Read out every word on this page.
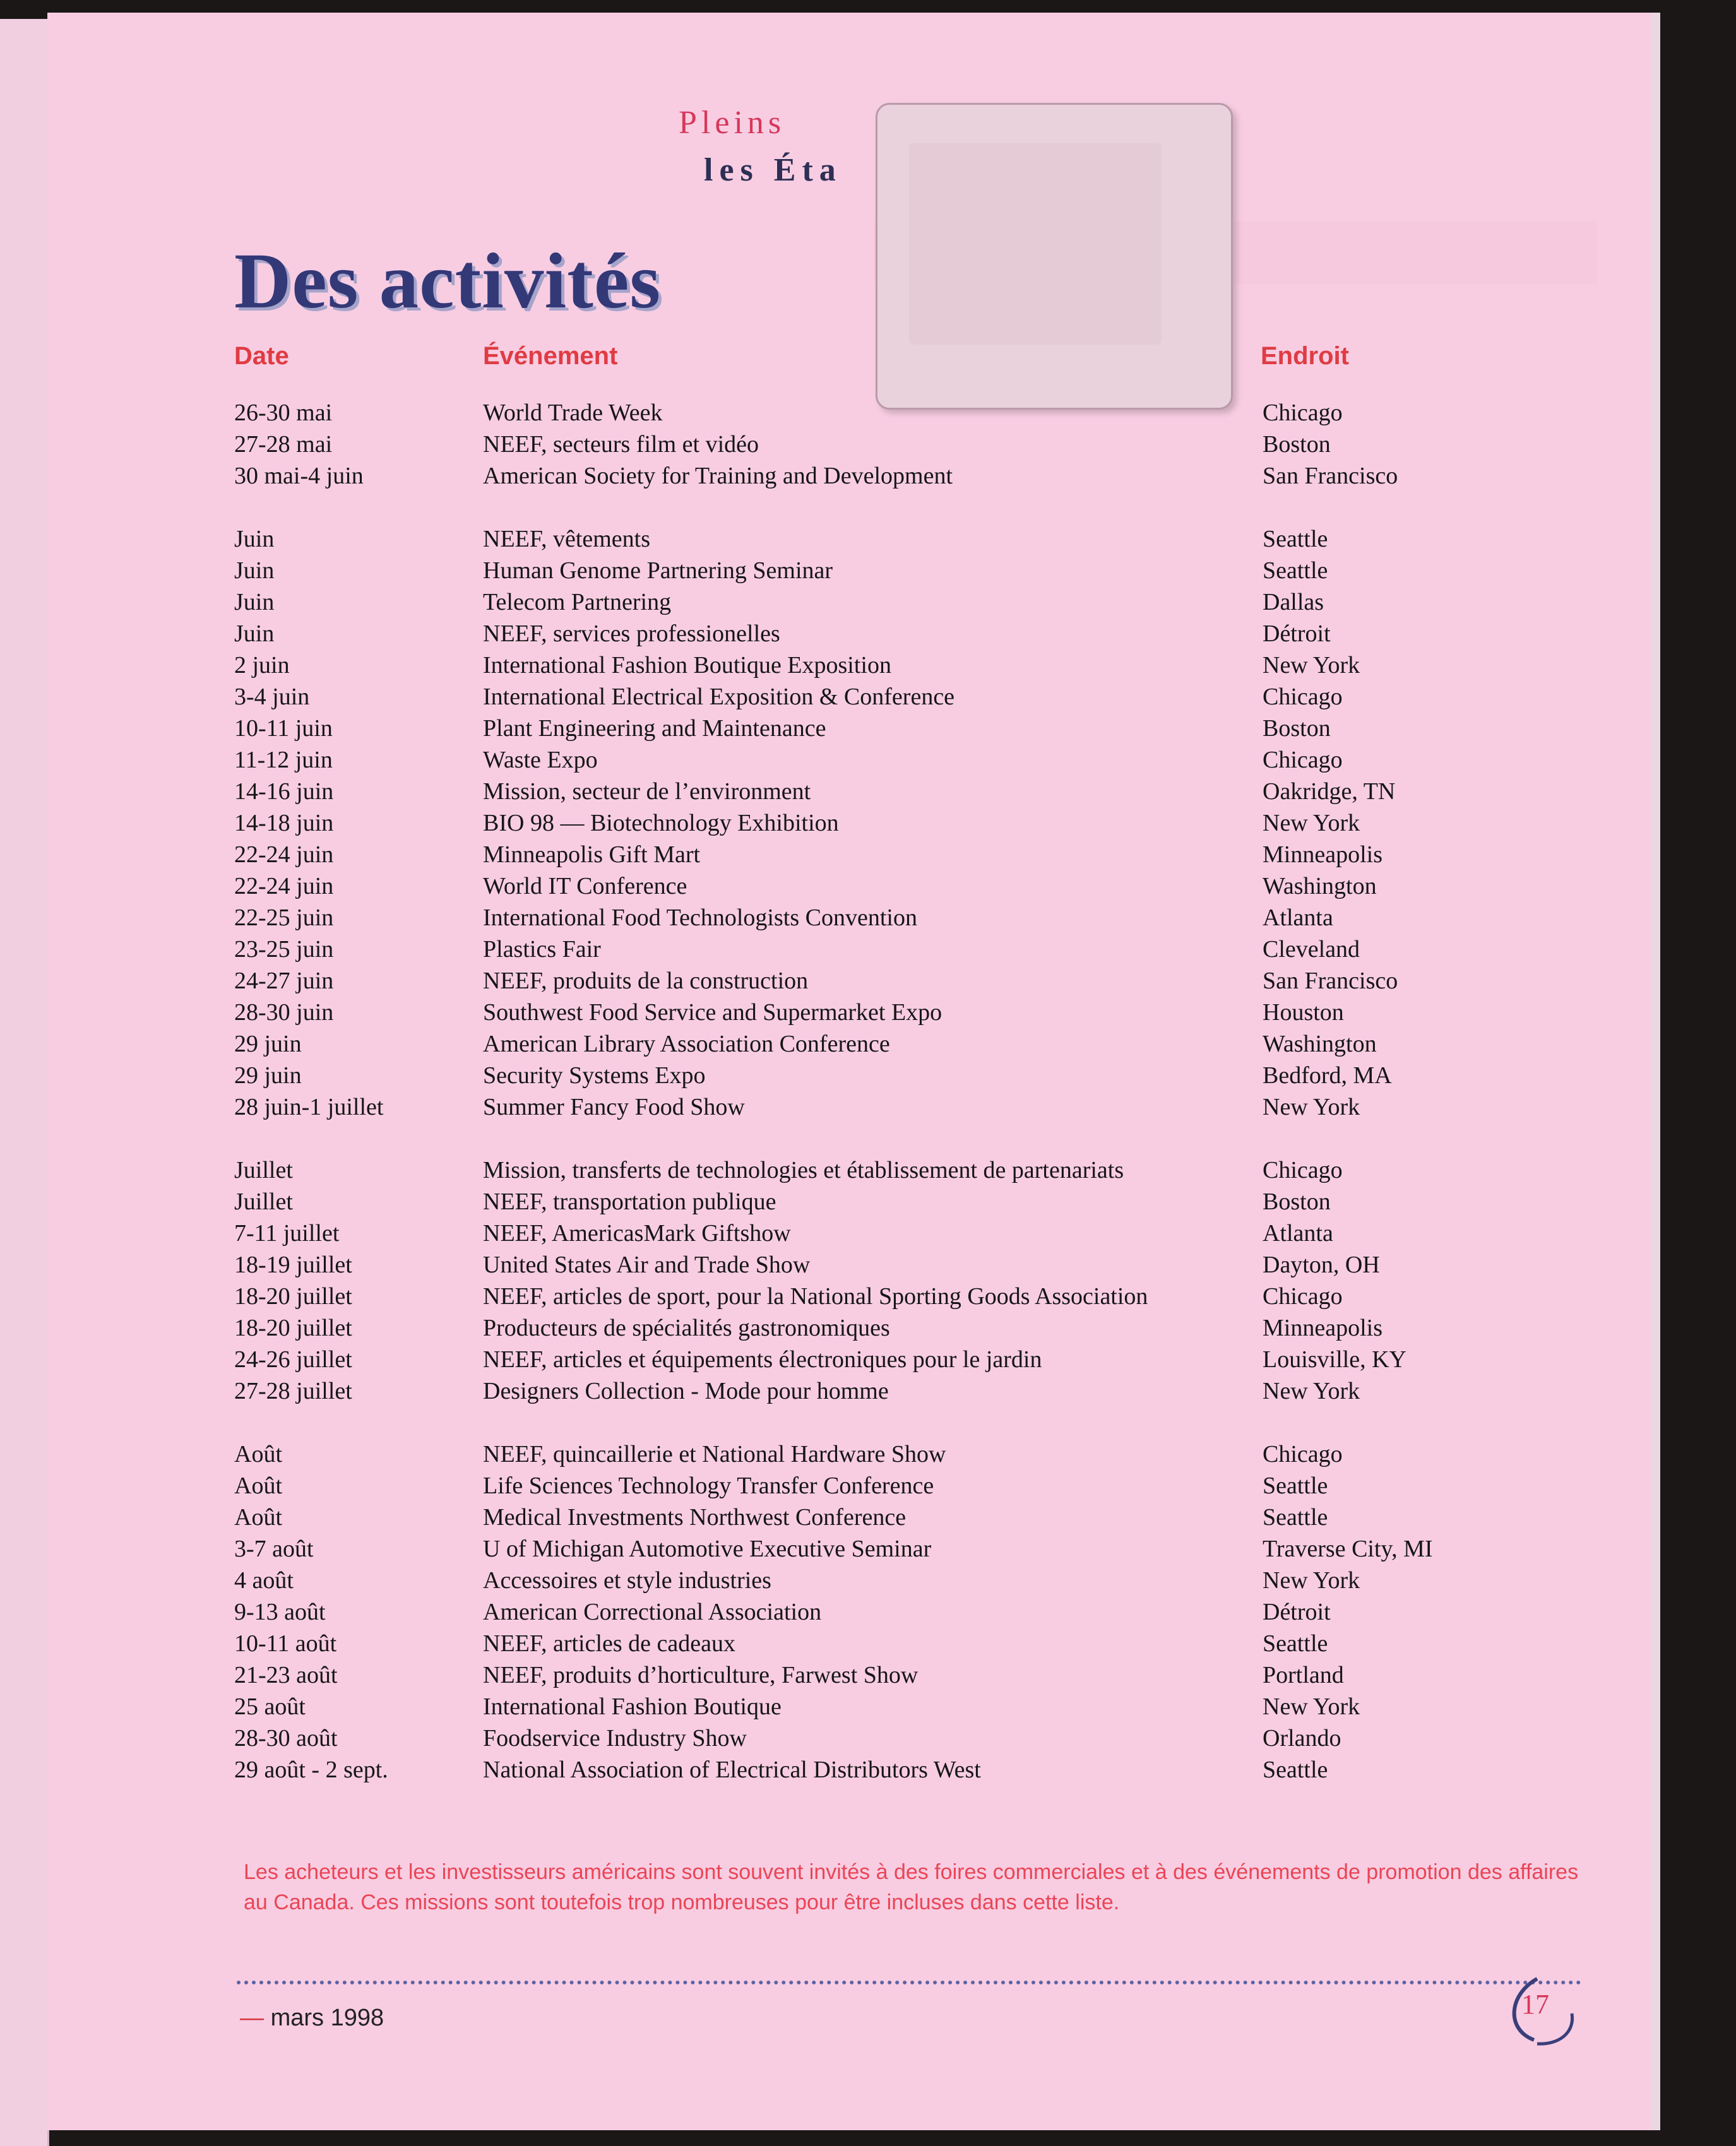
Pleins
les Éta
Des activités
Date	Événement	Endroit
26-30 mai	World Trade Week	Chicago
27-28 mai	NEEF, secteurs film et vidéo	Boston
30 mai-4 juin	American Society for Training and Development	San Francisco
Juin	NEEF, vêtements	Seattle
Juin	Human Genome Partnering Seminar	Seattle
Juin	Telecom Partnering	Dallas
Juin	NEEF, services professionelles	Détroit
2 juin	International Fashion Boutique Exposition	New York
3-4 juin	International Electrical Exposition & Conference	Chicago
10-11 juin	Plant Engineering and Maintenance	Boston
11-12 juin	Waste Expo	Chicago
14-16 juin	Mission, secteur de l’environment	Oakridge, TN
14-18 juin	BIO 98 — Biotechnology Exhibition	New York
22-24 juin	Minneapolis Gift Mart	Minneapolis
22-24 juin	World IT Conference	Washington
22-25 juin	International Food Technologists Convention	Atlanta
23-25 juin	Plastics Fair	Cleveland
24-27 juin	NEEF, produits de la construction	San Francisco
28-30 juin	Southwest Food Service and Supermarket Expo	Houston
29 juin	American Library Association Conference	Washington
29 juin	Security Systems Expo	Bedford, MA
28 juin-1 juillet	Summer Fancy Food Show	New York
Juillet	Mission, transferts de technologies et établissement de partenariats	Chicago
Juillet	NEEF, transportation publique	Boston
7-11 juillet	NEEF, AmericasMark Giftshow	Atlanta
18-19 juillet	United States Air and Trade Show	Dayton, OH
18-20 juillet	NEEF, articles de sport, pour la National Sporting Goods Association	Chicago
18-20 juillet	Producteurs de spécialités gastronomiques	Minneapolis
24-26 juillet	NEEF, articles et équipements électroniques pour le jardin	Louisville, KY
27-28 juillet	Designers Collection - Mode pour homme	New York
Août	NEEF, quincaillerie et National Hardware Show	Chicago
Août	Life Sciences Technology Transfer Conference	Seattle
Août	Medical Investments Northwest Conference	Seattle
3-7 août	U of Michigan Automotive Executive Seminar	Traverse City, MI
4 août	Accessoires et style industries	New York
9-13 août	American Correctional Association	Détroit
10-11 août	NEEF, articles de cadeaux	Seattle
21-23 août	NEEF, produits d’horticulture, Farwest Show	Portland
25 août	International Fashion Boutique	New York
28-30 août	Foodservice Industry Show	Orlando
29 août - 2 sept.	National Association of Electrical Distributors West	Seattle
Les acheteurs et les investisseurs américains sont souvent invités à des foires commerciales et à des événements de promotion des affaires au Canada. Ces missions sont toutefois trop nombreuses pour être incluses dans cette liste.
— mars 1998	17
